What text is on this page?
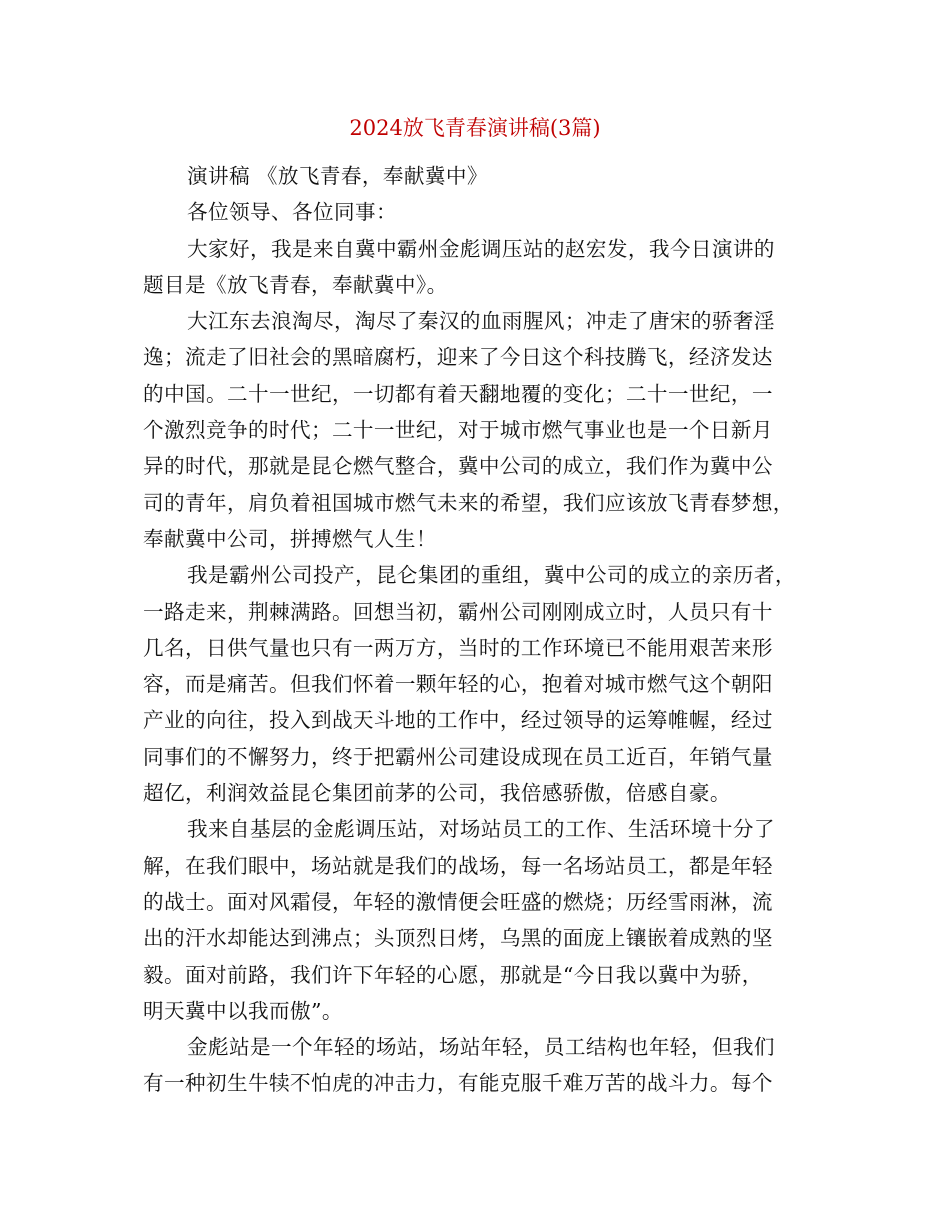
2024放飞青春演讲稿(3篇)
演讲稿 《放飞青春，奉献冀中》
各位领导、各位同事：
大家好，我是来自冀中霸州金彪调压站的赵宏发，我今日演讲的
题目是《放飞青春，奉献冀中》。
大江东去浪淘尽，淘尽了秦汉的血雨腥风；冲走了唐宋的骄奢淫
逸；流走了旧社会的黑暗腐朽，迎来了今日这个科技腾飞，经济发达
的中国。二十一世纪，一切都有着天翻地覆的变化；二十一世纪，一
个激烈竞争的时代；二十一世纪，对于城市燃气事业也是一个日新月
异的时代，那就是昆仑燃气整合，冀中公司的成立，我们作为冀中公
司的青年，肩负着祖国城市燃气未来的希望，我们应该放飞青春梦想，
奉献冀中公司，拼搏燃气人生！
我是霸州公司投产，昆仑集团的重组，冀中公司的成立的亲历者，
一路走来，荆棘满路。回想当初，霸州公司刚刚成立时，人员只有十
几名，日供气量也只有一两万方，当时的工作环境已不能用艰苦来形
容，而是痛苦。但我们怀着一颗年轻的心，抱着对城市燃气这个朝阳
产业的向往，投入到战天斗地的工作中，经过领导的运筹帷幄，经过
同事们的不懈努力，终于把霸州公司建设成现在员工近百，年销气量
超亿，利润效益昆仑集团前茅的公司，我倍感骄傲，倍感自豪。
我来自基层的金彪调压站，对场站员工的工作、生活环境十分了
解，在我们眼中，场站就是我们的战场，每一名场站员工，都是年轻
的战士。面对风霜侵，年轻的激情便会旺盛的燃烧；历经雪雨淋，流
出的汗水却能达到沸点；头顶烈日烤，乌黑的面庞上镶嵌着成熟的坚
毅。面对前路，我们许下年轻的心愿，那就是“今日我以冀中为骄，
明天冀中以我而傲”。
金彪站是一个年轻的场站，场站年轻，员工结构也年轻，但我们
有一种初生牛犊不怕虎的冲击力，有能克服千难万苦的战斗力。每个
